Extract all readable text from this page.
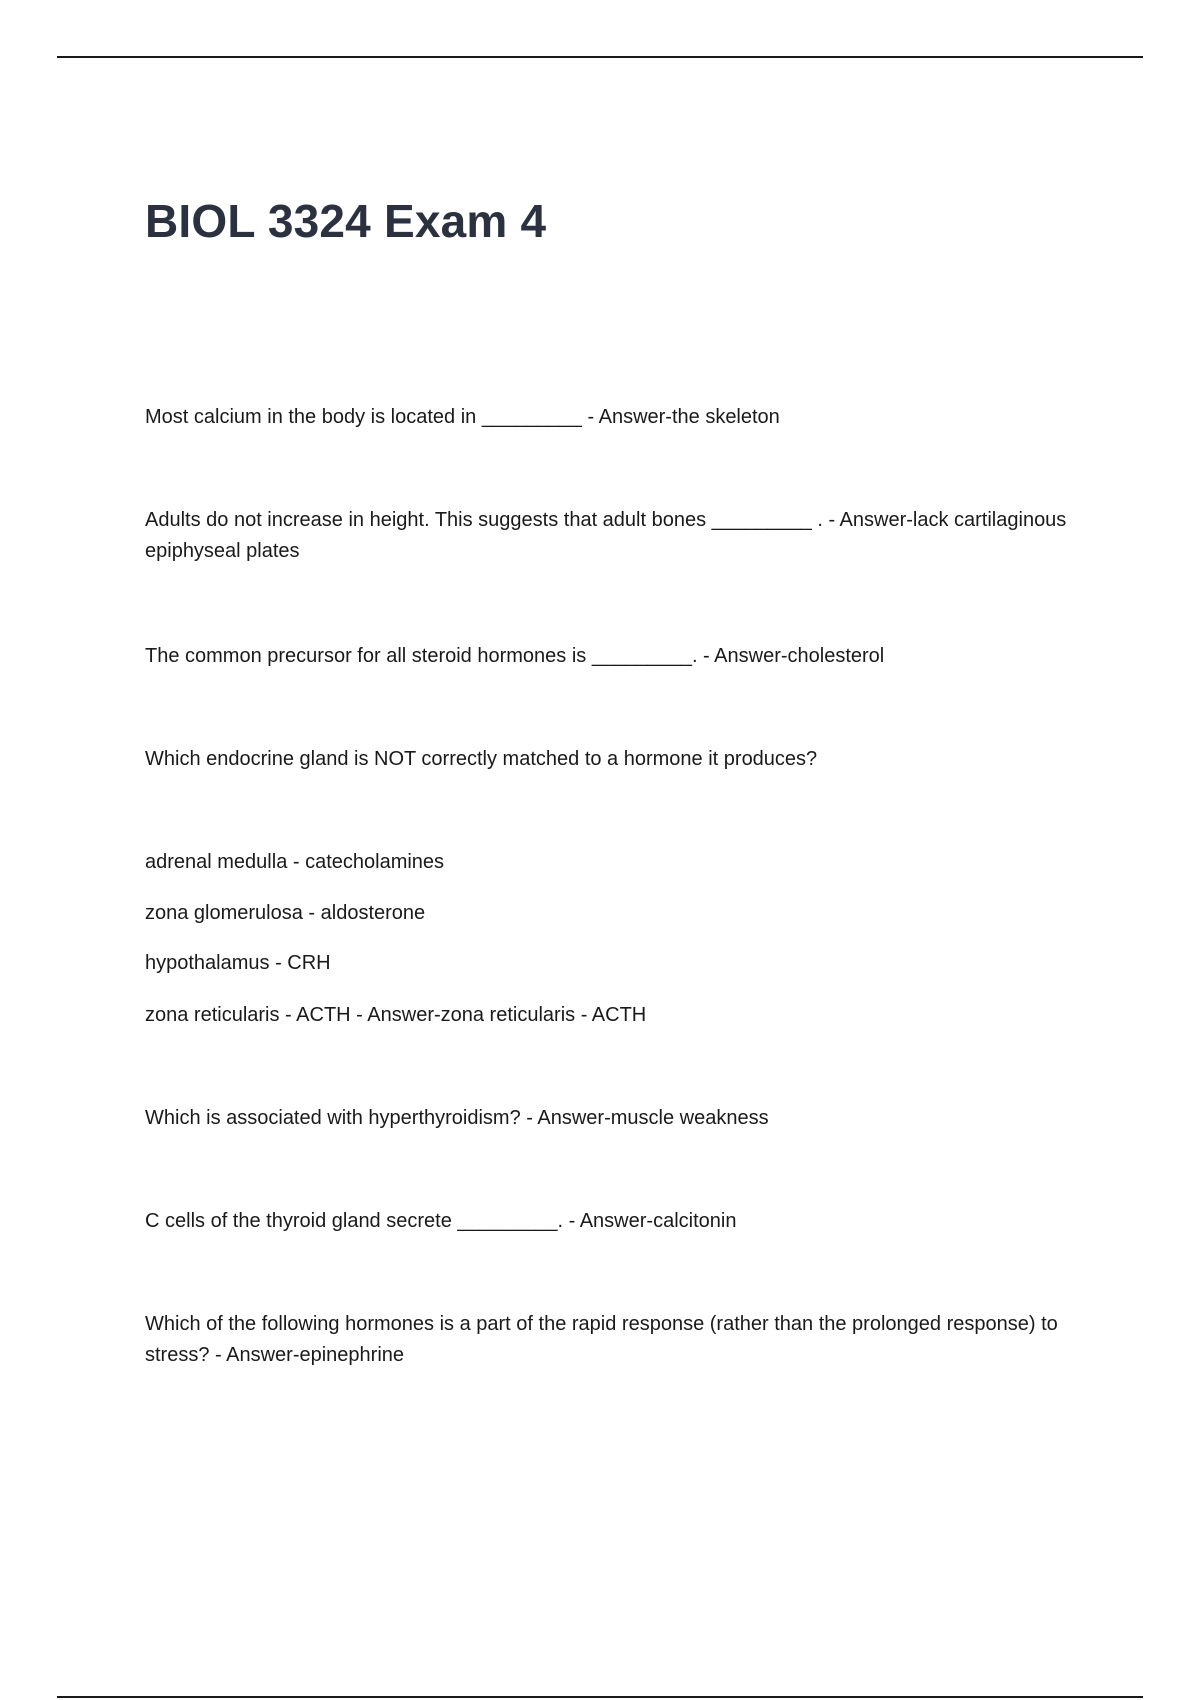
BIOL 3324 Exam 4

Most calcium in the body is located in _________ - Answer-the skeleton

Adults do not increase in height. This suggests that adult bones _________ . - Answer-lack cartilaginous epiphyseal plates

The common precursor for all steroid hormones is _________. - Answer-cholesterol

Which endocrine gland is NOT correctly matched to a hormone it produces?

adrenal medulla - catecholamines

zona glomerulosa - aldosterone

hypothalamus - CRH

zona reticularis - ACTH - Answer-zona reticularis - ACTH

Which is associated with hyperthyroidism? - Answer-muscle weakness

C cells of the thyroid gland secrete _________. - Answer-calcitonin

Which of the following hormones is a part of the rapid response (rather than the prolonged response) to stress? - Answer-epinephrine
